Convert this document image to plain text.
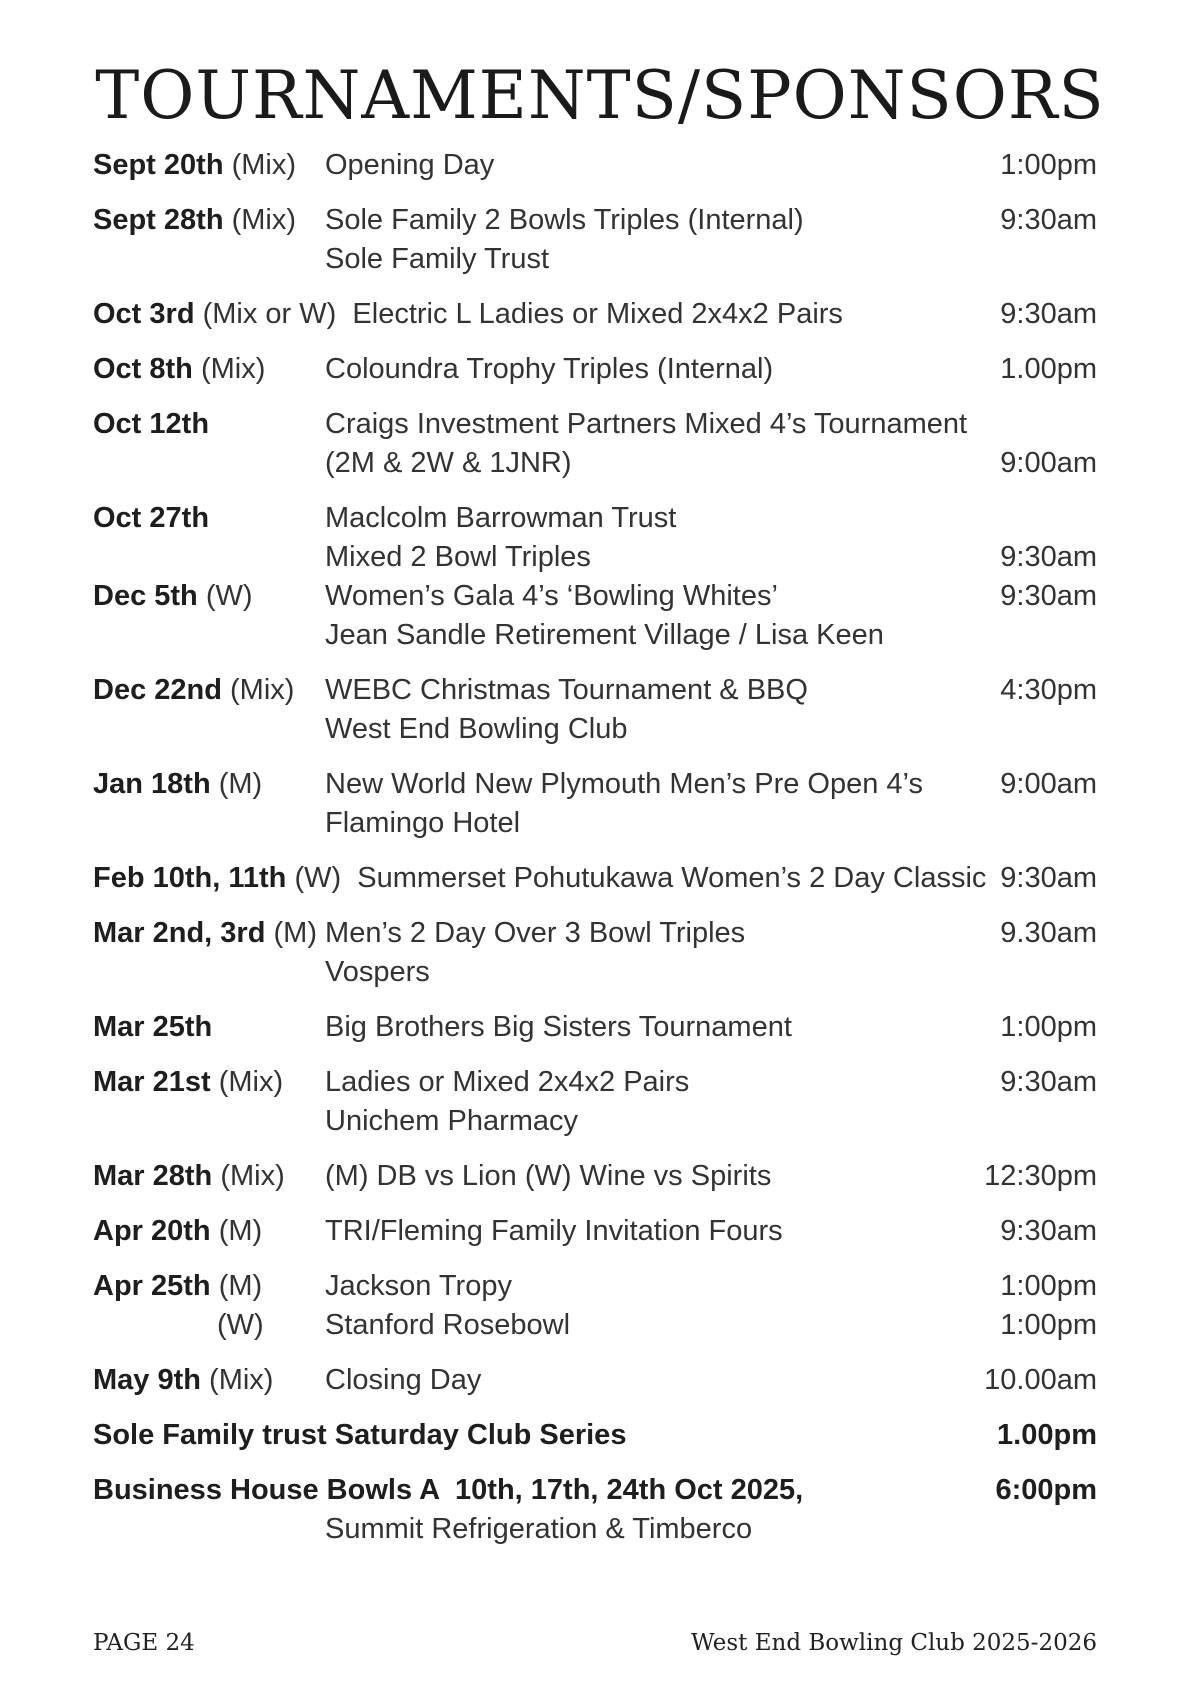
TOURNAMENTS/SPONSORS
Sept 20th (Mix) Opening Day	1:00pm
Sept 28th (Mix) Sole Family 2 Bowls Triples (Internal)	9:30am
Sole Family Trust
Oct 3rd (Mix or W) Electric L Ladies or Mixed 2x4x2 Pairs	9:30am
Oct 8th (Mix) Coloundra Trophy Triples (Internal)	1.00pm
Oct 12th	Craigs Investment Partners Mixed 4’s Tournament
(2M & 2W & 1JNR)	9:00am
Oct 27th	Maclcolm Barrowman Trust
Mixed 2 Bowl Triples	9:30am
Dec 5th (W) Women’s Gala 4’s ‘Bowling Whites’	9:30am
Jean Sandle Retirement Village / Lisa Keen
Dec 22nd (Mix) WEBC Christmas Tournament & BBQ	4:30pm
West End Bowling Club
Jan 18th (M) New World New Plymouth Men’s Pre Open 4’s	9:00am
Flamingo Hotel
Feb 10th, 11th (W) Summerset Pohutukawa Women’s 2 Day Classic 9:30am
Mar 2nd, 3rd (M) Men’s 2 Day Over 3 Bowl Triples	9.30am
Vospers
Mar 25th	Big Brothers Big Sisters Tournament	1:00pm
Mar 21st (Mix) Ladies or Mixed 2x4x2 Pairs	9:30am
Unichem Pharmacy
Mar 28th (Mix) (M) DB vs Lion (W) Wine vs Spirits	12:30pm
Apr 20th (M) TRI/Fleming Family Invitation Fours	9:30am
Apr 25th (M) Jackson Tropy	1:00pm
(W) Stanford Rosebowl	1:00pm
May 9th (Mix) Closing Day	10.00am
Sole Family trust Saturday Club Series	1.00pm
Business House Bowls A  10th, 17th, 24th Oct 2025,	6:00pm
Summit Refrigeration & Timberco
PAGE 24	West End Bowling Club 2025-2026
